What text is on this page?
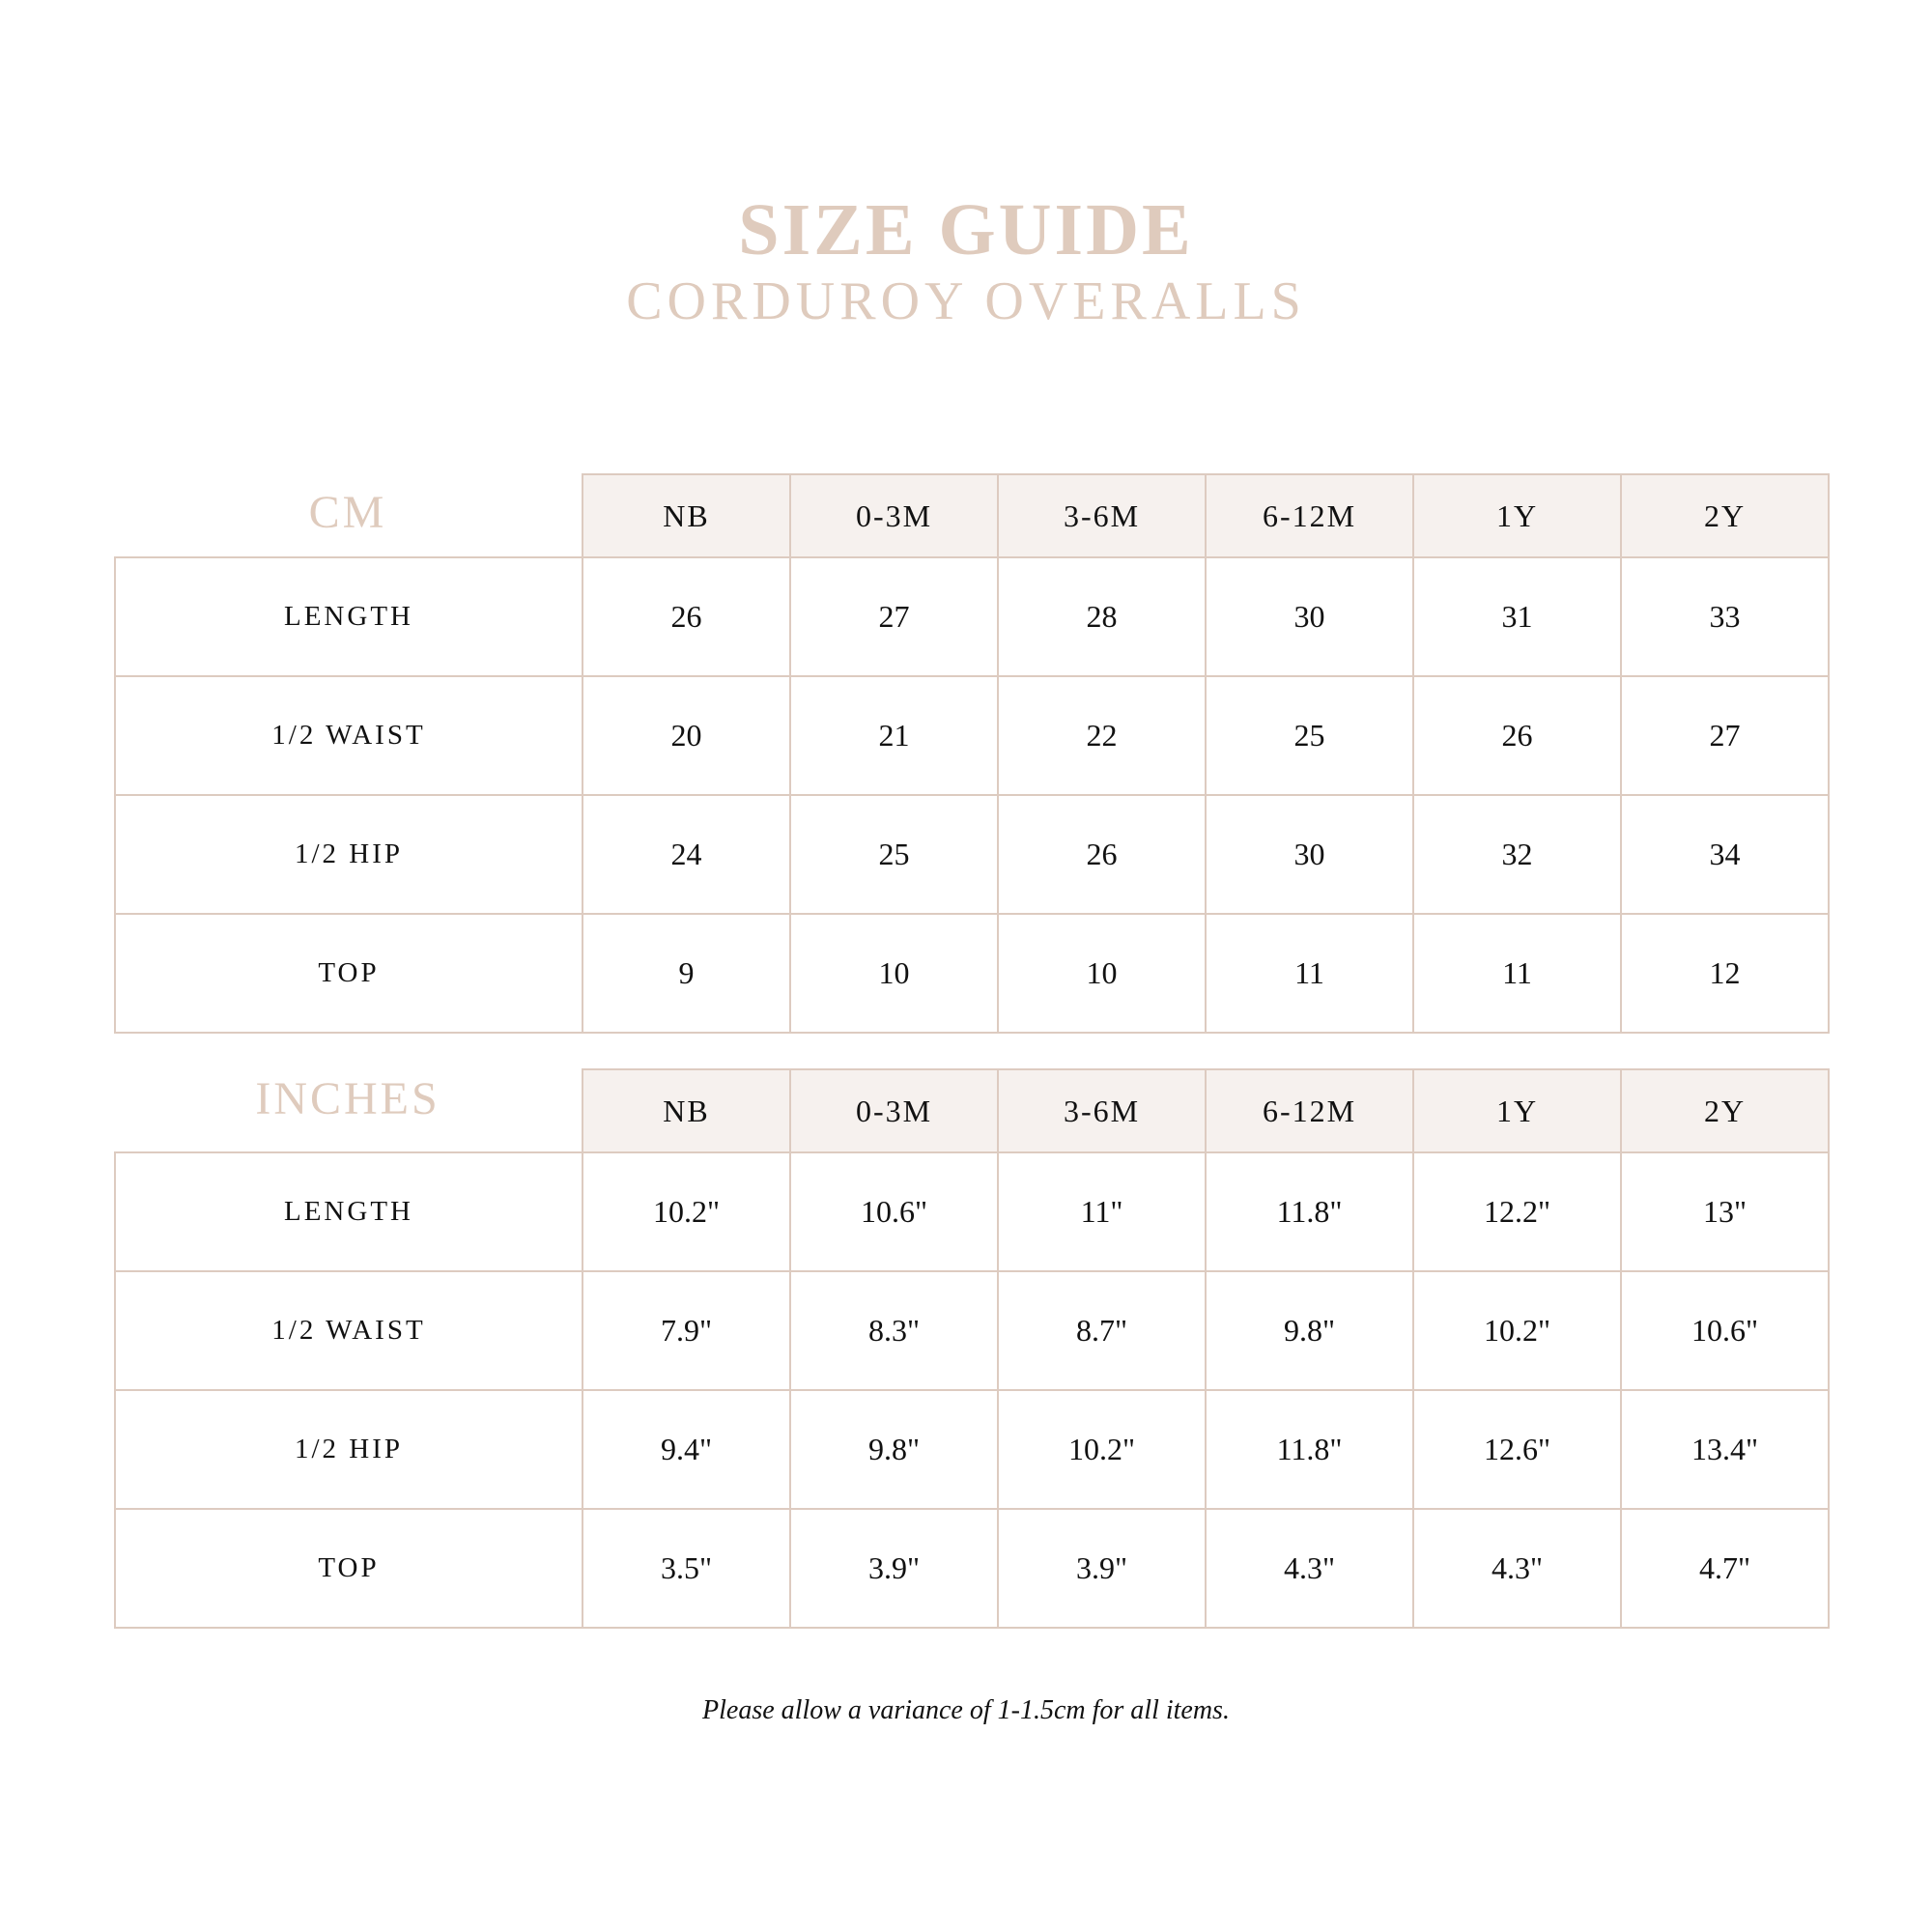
SIZE GUIDE
CORDUROY OVERALLS
CM
		NB	0-3M	3-6M	6-12M	1Y	2Y
LENGTH	26	27	28	30	31	33
1/2 WAIST	20	21	22	25	26	27
1/2 HIP	24	25	26	30	32	34
TOP	9	10	10	11	11	12
INCHES
		NB	0-3M	3-6M	6-12M	1Y	2Y
LENGTH	10.2"	10.6"	11"	11.8"	12.2"	13"
1/2 WAIST	7.9"	8.3"	8.7"	9.8"	10.2"	10.6"
1/2 HIP	9.4"	9.8"	10.2"	11.8"	12.6"	13.4"
TOP	3.5"	3.9"	3.9"	4.3"	4.3"	4.7"
Please allow a variance of 1-1.5cm for all items.
